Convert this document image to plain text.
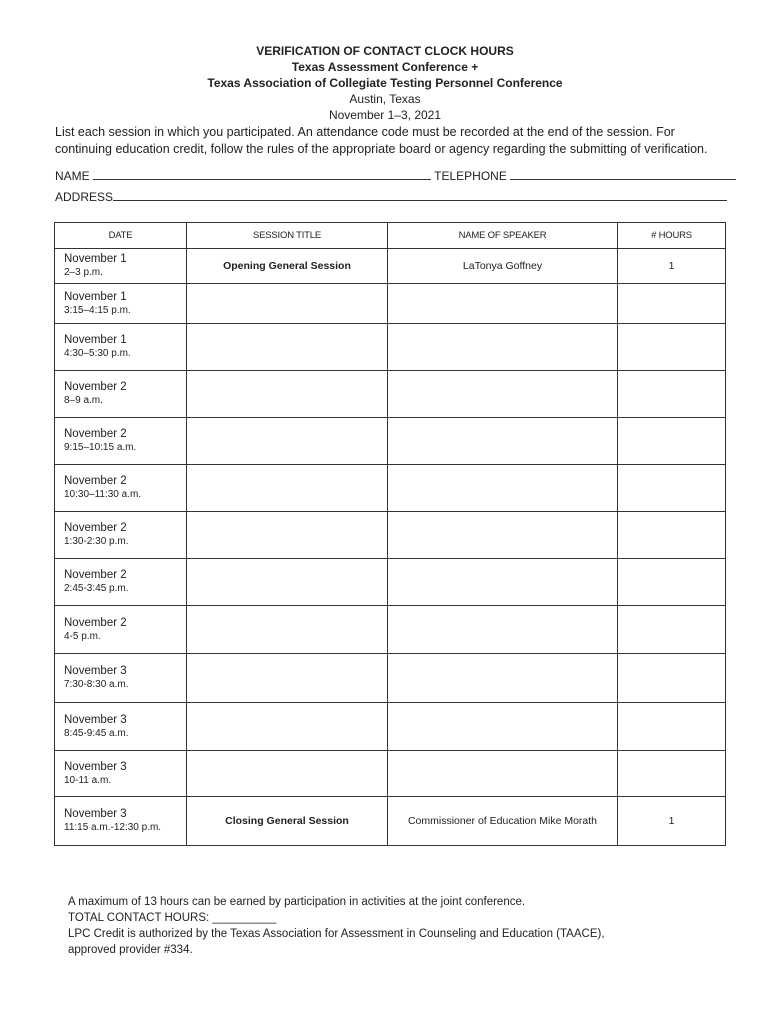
VERIFICATION OF CONTACT CLOCK HOURS
Texas Assessment Conference +
Texas Association of Collegiate Testing Personnel Conference
Austin, Texas
November 1–3, 2021
List each session in which you participated. An attendance code must be recorded at the end of the session. For continuing education credit, follow the rules of the appropriate board or agency regarding the submitting of verification.
NAME	TELEPHONE
ADDRESS
DATE	SESSION TITLE	NAME OF SPEAKER	# HOURS

November 1
2–3 p.m.	Opening General Session	LaTonya Goffney	1

November 1
3:15–4:15 p.m.			

November 1
4:30–5:30 p.m.			

November 2
8–9 a.m.			

November 2
9:15–10:15 a.m.			

November 2
10:30–11:30 a.m.			

November 2
1:30-2:30 p.m.			

November 2
2:45-3:45 p.m.			

November 2
4-5 p.m.			

November 3
7:30-8:30 a.m.			

November 3
8:45-9:45 a.m.			

November 3
10-11 a.m.			

November 3
11:15 a.m.-12:30 p.m.	Closing General Session	Commissioner of Education Mike Morath	1
A maximum of 13 hours can be earned by participation in activities at the joint conference.
TOTAL CONTACT HOURS: __________
LPC Credit is authorized by the Texas Association for Assessment in Counseling and Education (TAACE),
approved provider #334.
